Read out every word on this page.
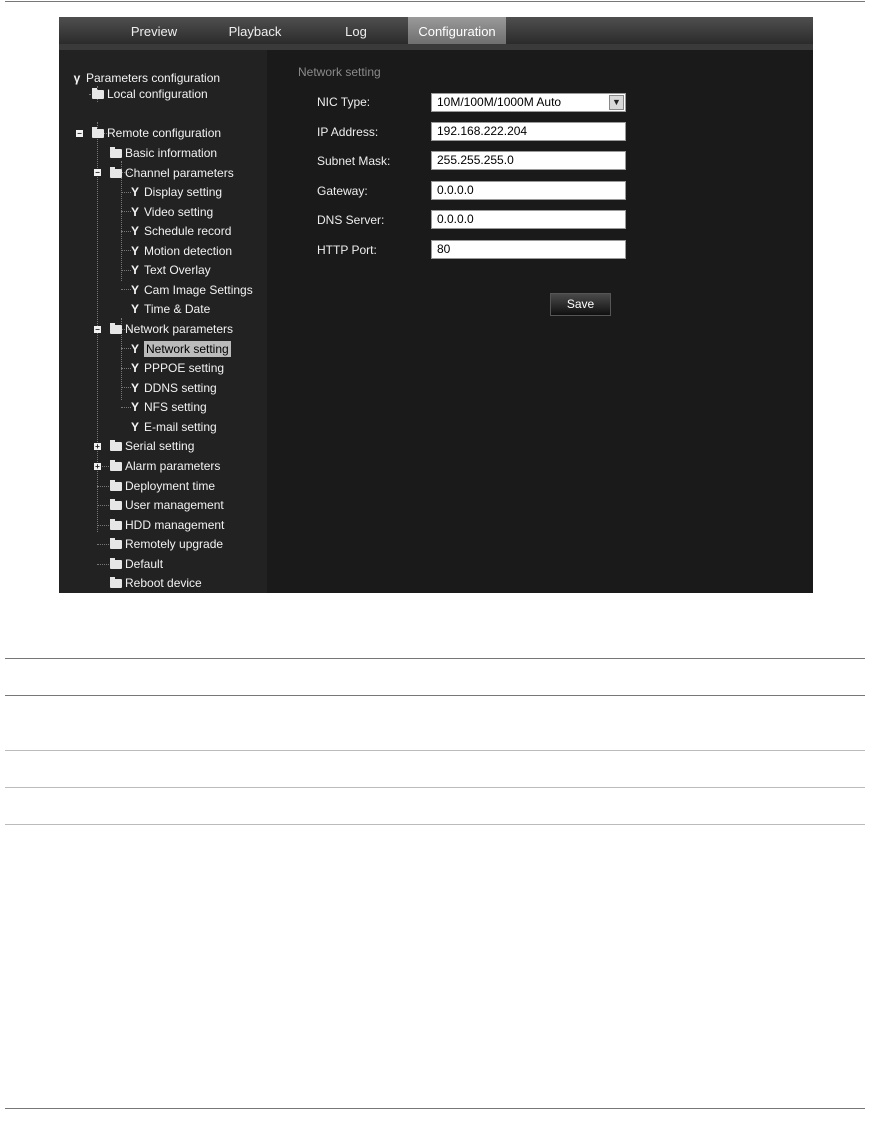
Preview	Playback	Log	Configuration
γ Parameters configuration
Local configuration
−	Remote configuration
Basic information
−	Channel parameters
Y Display setting
Y Video setting
Y Schedule record
Y Motion detection
Y Text Overlay
Y Cam Image Settings
Y Time & Date
−	Network parameters
Y Network setting
Y PPPOE setting
Y DDNS setting
Y NFS setting
Y E-mail setting
+	Serial setting
+	Alarm parameters
Deployment time
User management
HDD management
Remotely upgrade
Default
Reboot device
Network setting
NIC Type:	10M/100M/1000M Auto	▼
IP Address:	192.168.222.204
Subnet Mask:	255.255.255.0
Gateway:	0.0.0.0
DNS Server:	0.0.0.0
HTTP Port:	80
Save
